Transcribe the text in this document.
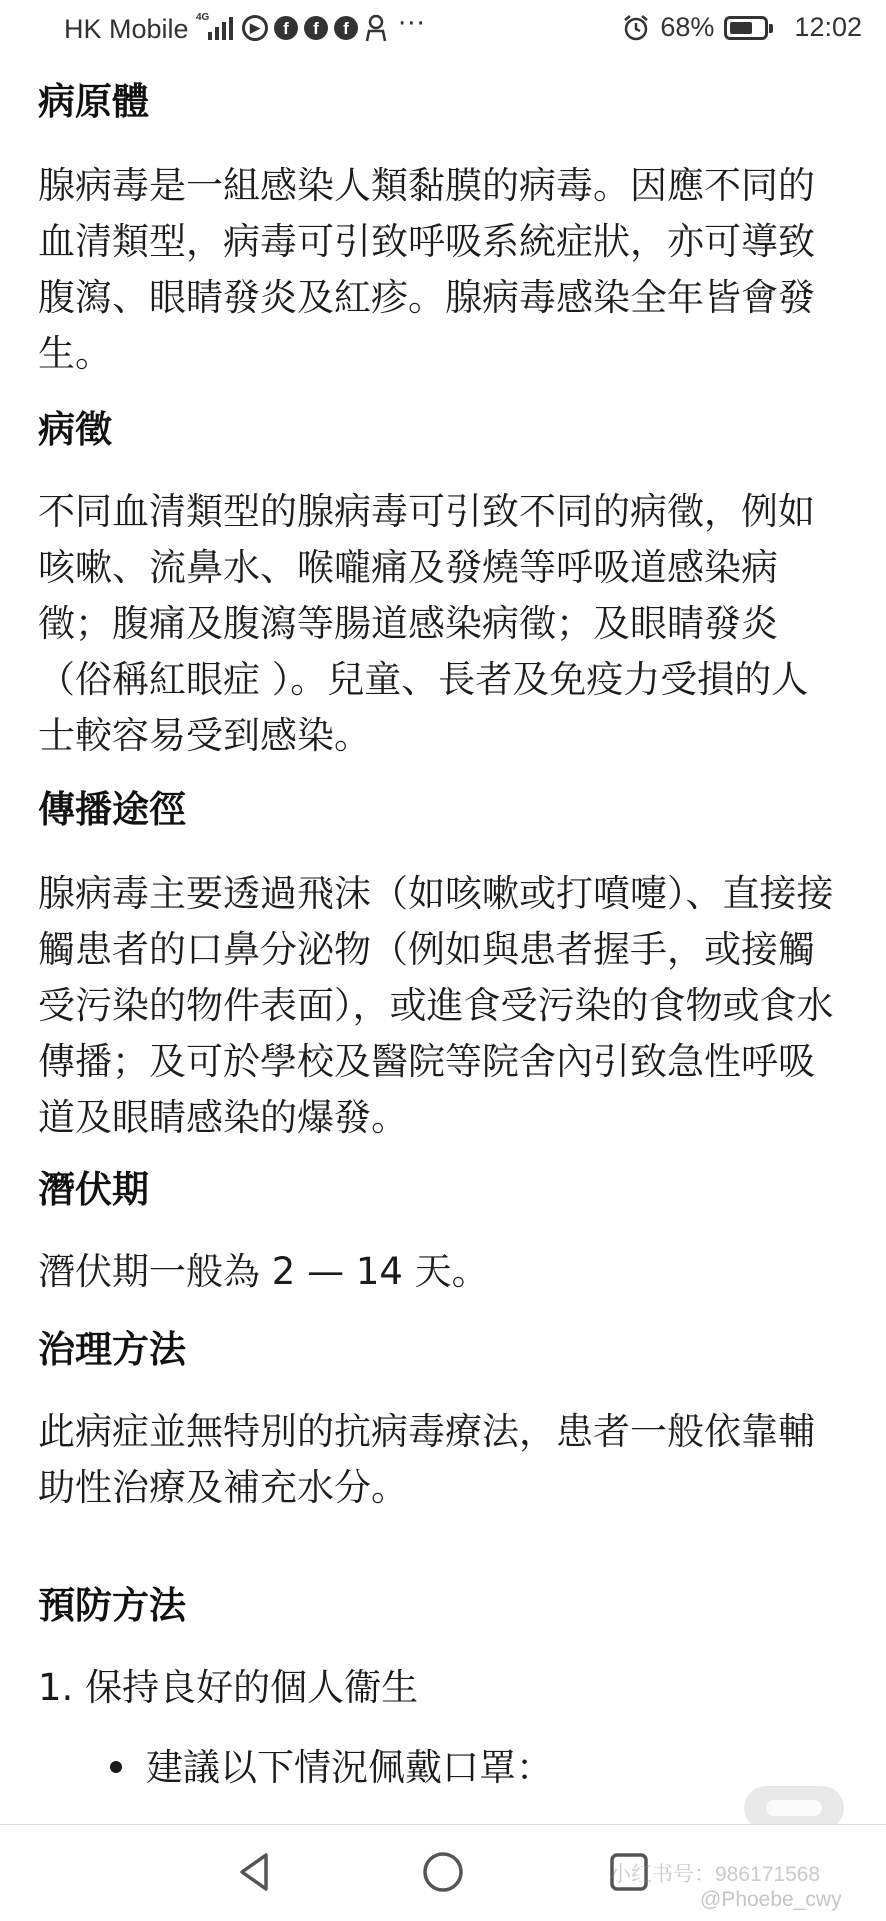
HK Mobile 4G
▶	f	f	f	···	68%	12:02
病原體

腺病毒是一組感染人類黏膜的病毒。因應不同的血清類型，病毒可引致呼吸系統症狀，亦可導致腹瀉、眼睛發炎及紅疹。腺病毒感染全年皆會發生。

病徵

不同血清類型的腺病毒可引致不同的病徵，例如咳嗽、流鼻水、喉嚨痛及發燒等呼吸道感染病徵；腹痛及腹瀉等腸道感染病徵；及眼睛發炎（俗稱紅眼症 ）。兒童、長者及免疫力受損的人士較容易受到感染。

傳播途徑

腺病毒主要透過飛沫（如咳嗽或打噴嚏）、直接接觸患者的口鼻分泌物（例如與患者握手，或接觸受污染的物件表面），或進食受污染的食物或食水傳播；及可於學校及醫院等院舍內引致急性呼吸道及眼睛感染的爆發。

潛伏期

潛伏期一般為 2 — 14 天。

治理方法

此病症並無特別的抗病毒療法，患者一般依靠輔助性治療及補充水分。

預防方法
1. 保持良好的個人衞生
建議以下情況佩戴口罩：
小红书号：986171568
@Phoebe_cwy
